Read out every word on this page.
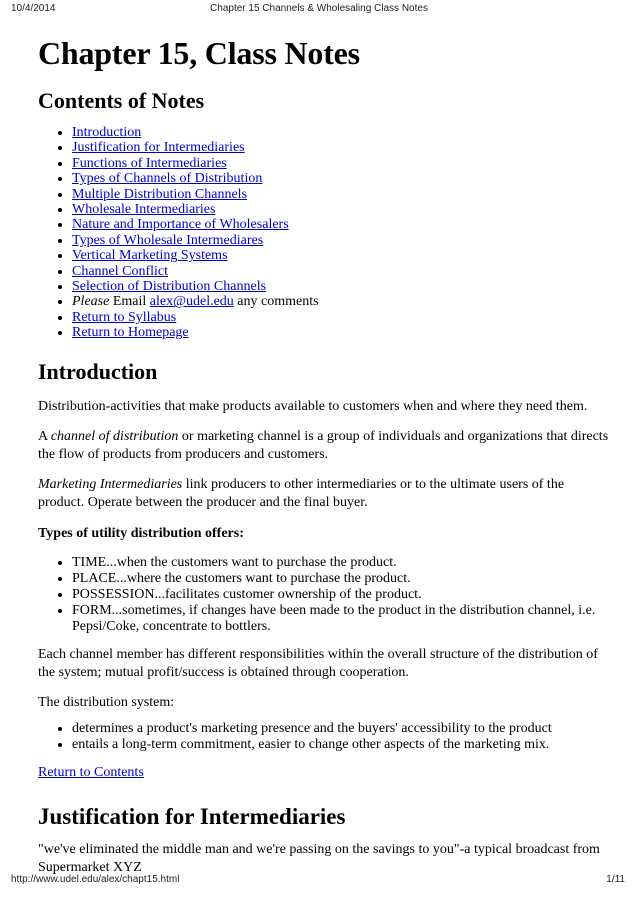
10/4/2014	Chapter 15 Channels & Wholesaling Class Notes
Chapter 15, Class Notes
Contents of Notes
• Introduction
• Justification for Intermediaries
• Functions of Intermediaries
• Types of Channels of Distribution
• Multiple Distribution Channels
• Wholesale Intermediaries
• Nature and Importance of Wholesalers
• Types of Wholesale Intermediares
• Vertical Marketing Systems
• Channel Conflict
• Selection of Distribution Channels
• Please Email alex@udel.edu any comments
• Return to Syllabus
• Return to Homepage
Introduction

Distribution-activities that make products available to customers when and where they need them.

A channel of distribution or marketing channel is a group of individuals and organizations that directs the flow of products from producers and customers.

Marketing Intermediaries link producers to other intermediaries or to the ultimate users of the product. Operate between the producer and the final buyer.

Types of utility distribution offers:

• TIME...when the customers want to purchase the product.
• PLACE...where the customers want to purchase the product.
• POSSESSION...facilitates customer ownership of the product.
• FORM...sometimes, if changes have been made to the product in the distribution channel, i.e. Pepsi/Coke, concentrate to bottlers.

Each channel member has different responsibilities within the overall structure of the distribution of the system; mutual profit/success is obtained through cooperation.

The distribution system:

• determines a product's marketing presence and the buyers' accessibility to the product
• entails a long-term commitment, easier to change other aspects of the marketing mix.

Return to Contents

Justification for Intermediaries

"we've eliminated the middle man and we're passing on the savings to you"-a typical broadcast from Supermarket XYZ

http://www.udel.edu/alex/chapt15.html	1/11
